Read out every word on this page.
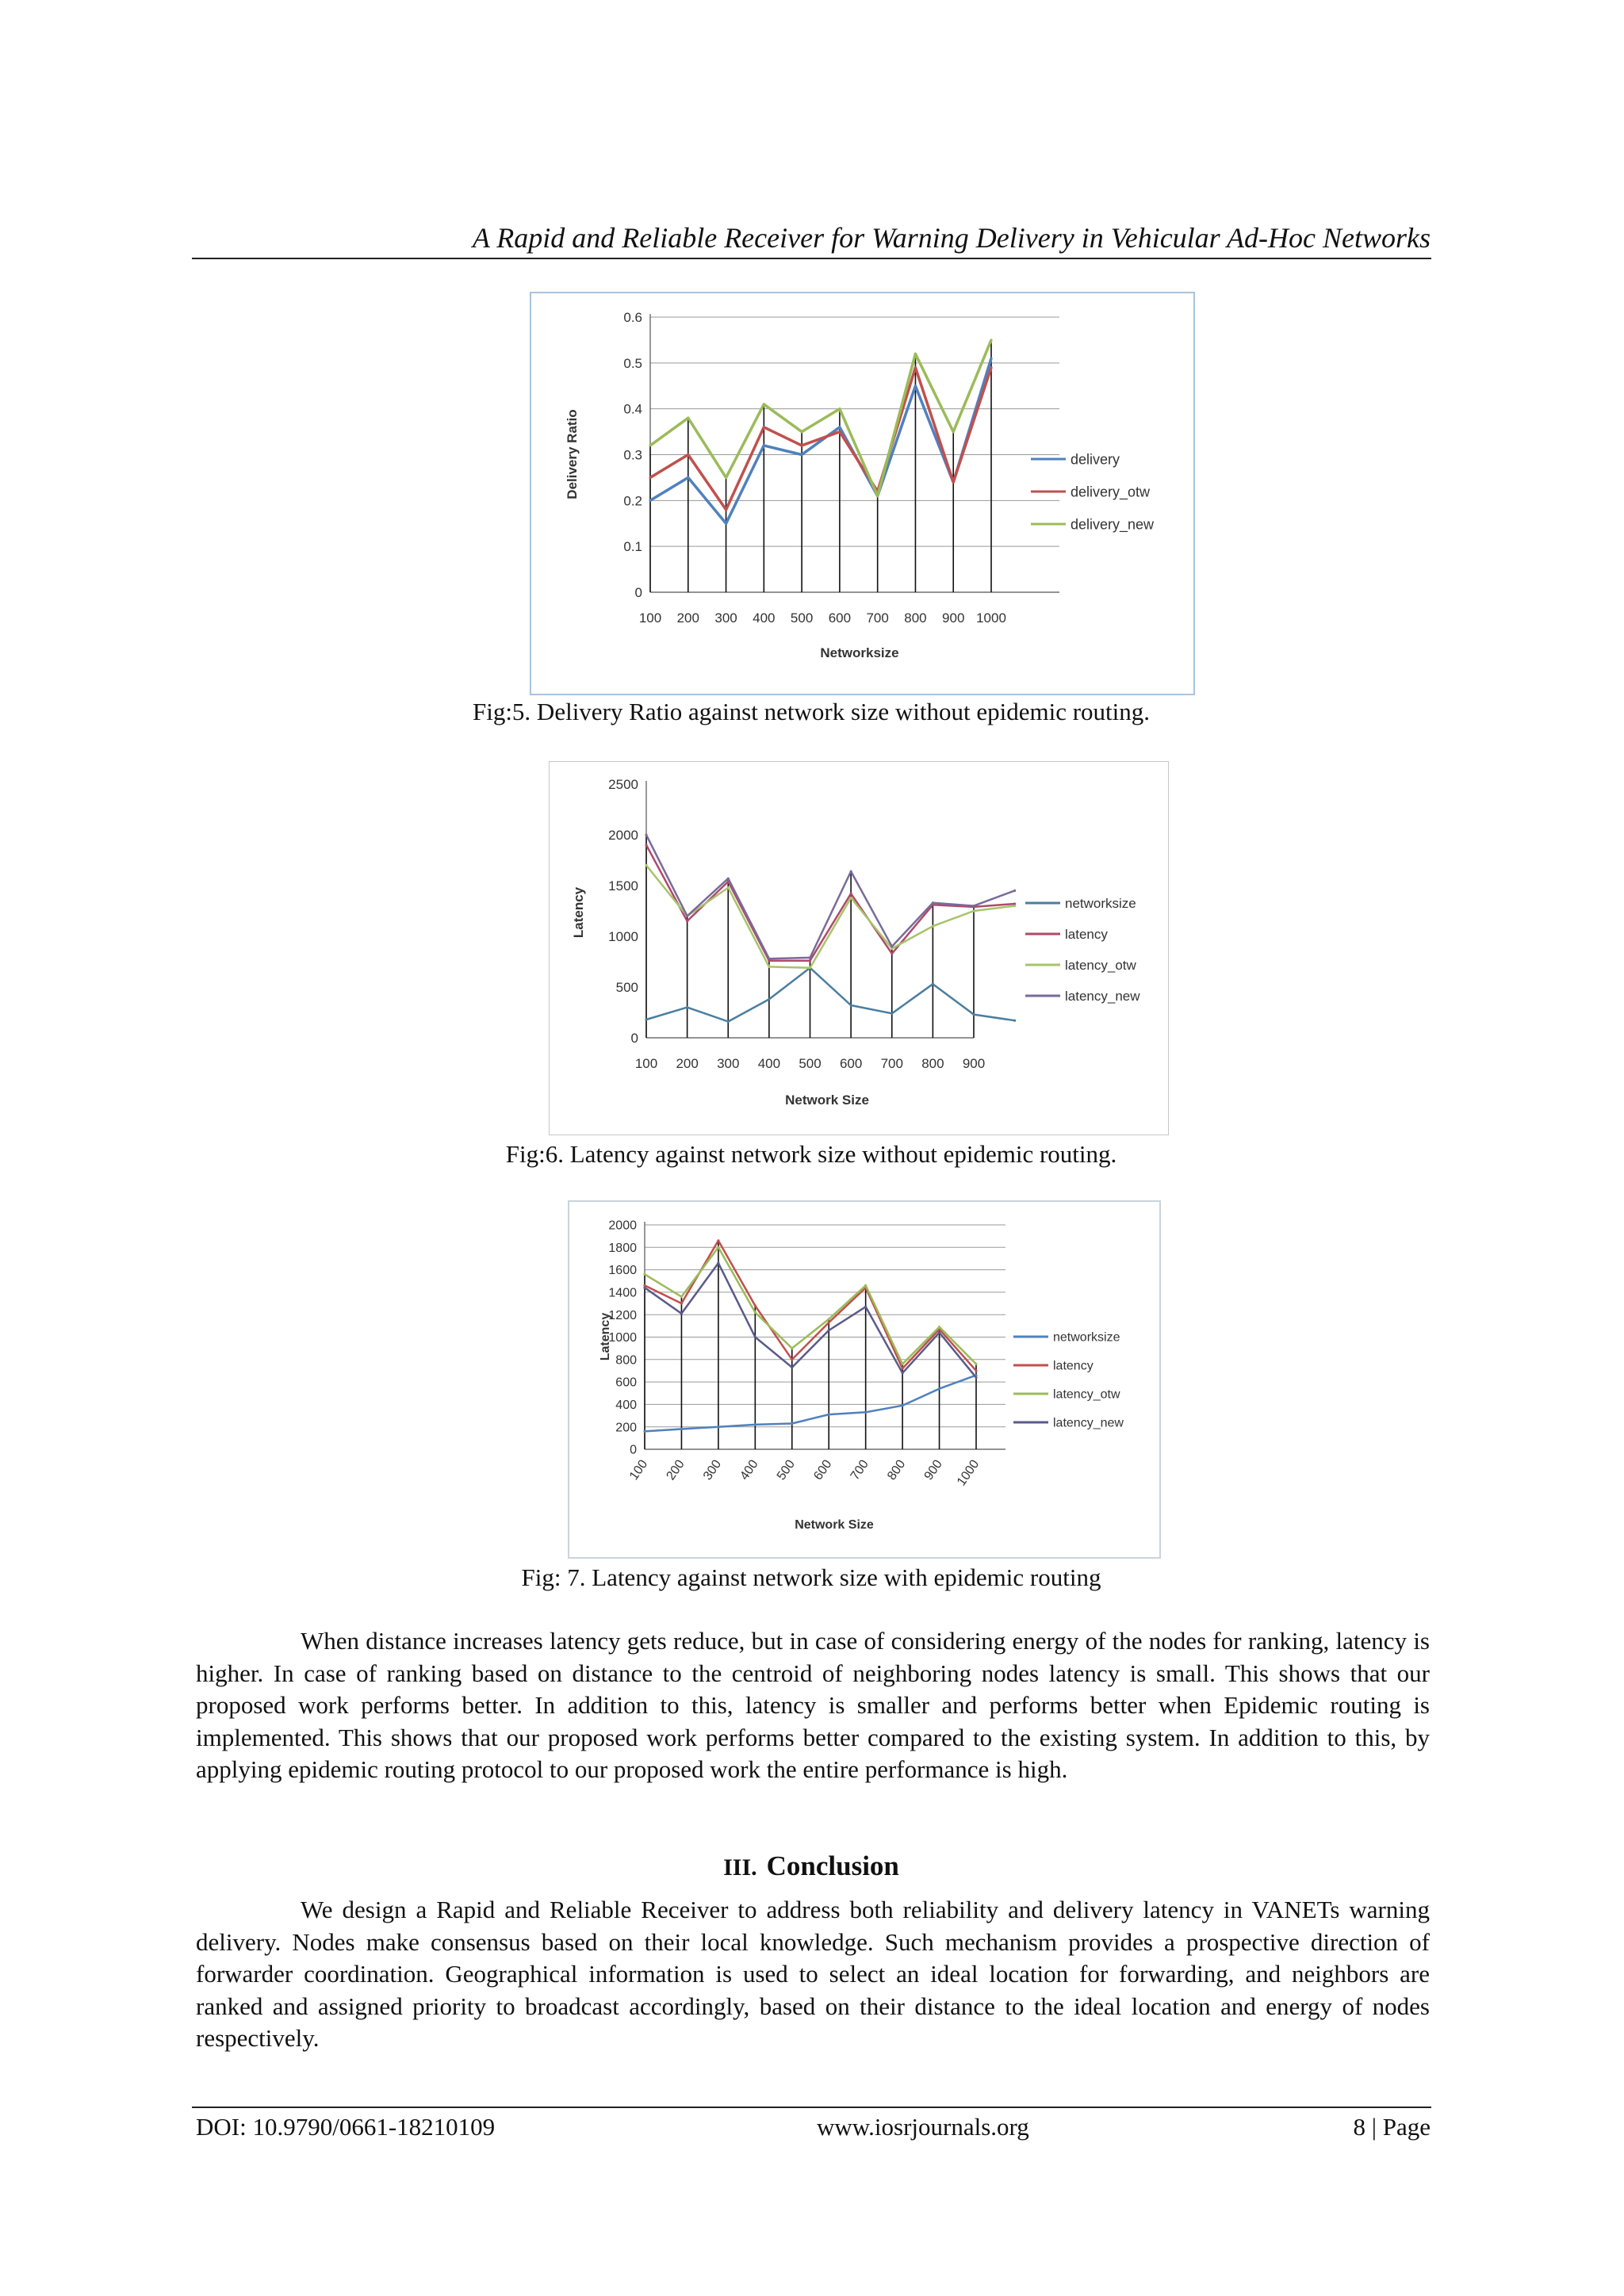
A Rapid and Reliable Receiver for Warning Delivery in Vehicular Ad-Hoc Networks
0
0.1
0.2
0.3
0.4
0.5
0.6
100 200 300 400 500 600 700 800 900 1000
Networksize
Delivery Ratio	delivery
delivery_otw
delivery_new
Fig:5. Delivery Ratio against network size without epidemic routing.
0
500
1000
1500
2000
2500
100 200 300 400 500 600 700 800 900
Network Size
Latency	networksize
latency
latency_otw
latency_new
Fig:6. Latency against network size without epidemic routing.
0
200
400
600
800
1000
1200
1400
1600
1800
2000
100 200 300 400 500 600 700 800 900 1000
Network Size
Latency	networksize
latency
latency_otw
latency_new
Fig: 7. Latency against network size with epidemic routing
When distance increases latency gets reduce, but in case of considering energy of the nodes for ranking, latency is higher. In case of ranking based on distance to the centroid of neighboring nodes latency is small. This shows that our proposed work performs better. In addition to this, latency is smaller and performs better when Epidemic routing is implemented. This shows that our proposed work performs better compared to the existing system. In addition to this, by applying epidemic routing protocol to our proposed work the entire performance is high.
III. Conclusion
We design a Rapid and Reliable Receiver to address both reliability and delivery latency in VANETs warning delivery. Nodes make consensus based on their local knowledge. Such mechanism provides a prospective direction of forwarder coordination. Geographical information is used to select an ideal location for forwarding, and neighbors are ranked and assigned priority to broadcast accordingly, based on their distance to the ideal location and energy of nodes respectively.
DOI: 10.9790/0661-18210109	www.iosrjournals.org	8 | Page
